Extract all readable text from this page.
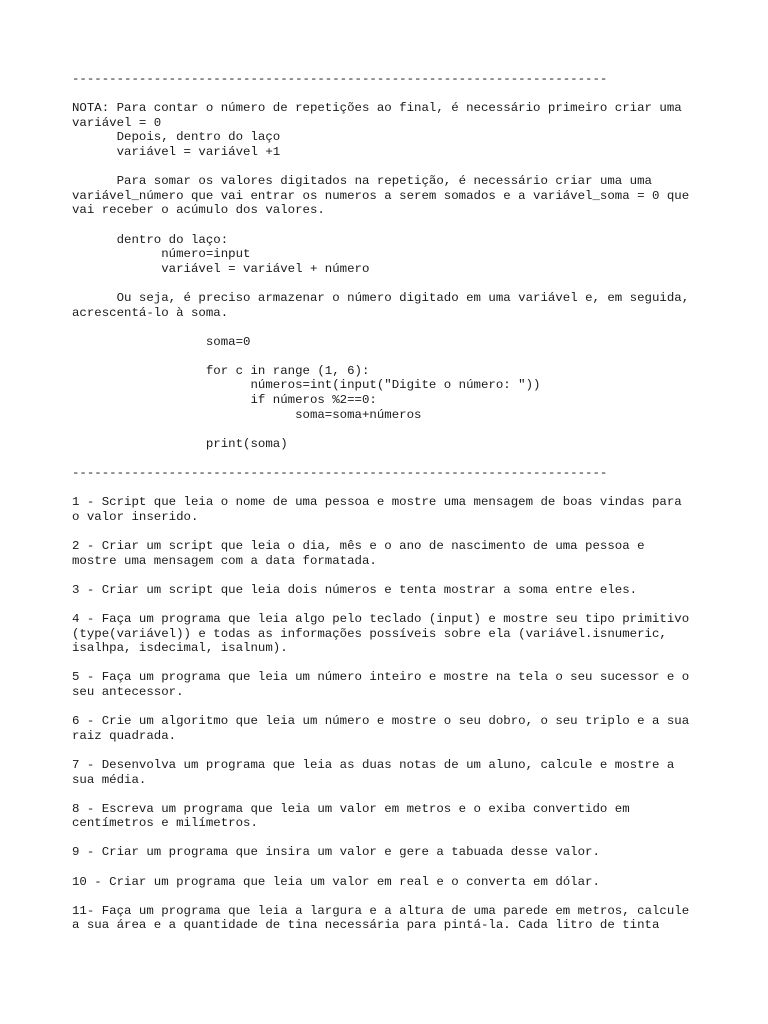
------------------------------------------------------------------------
NOTA: Para contar o número de repetições ao final, é necessário primeiro criar uma
variável = 0
Depois, dentro do laço
variável = variável +1
Para somar os valores digitados na repetição, é necessário criar uma uma
variável_número que vai entrar os numeros a serem somados e a variável_soma = 0 que
vai receber o acúmulo dos valores.
dentro do laço:
número=input
variável = variável + número
Ou seja, é preciso armazenar o número digitado em uma variável e, em seguida,
acrescentá-lo à soma.
soma=0
for c in range (1, 6):
números=int(input("Digite o número: "))
if números %2==0:
soma=soma+números
print(soma)
------------------------------------------------------------------------
1 - Script que leia o nome de uma pessoa e mostre uma mensagem de boas vindas para
o valor inserido.
2 - Criar um script que leia o dia, mês e o ano de nascimento de uma pessoa e
mostre uma mensagem com a data formatada.
3 - Criar um script que leia dois números e tenta mostrar a soma entre eles.
4 - Faça um programa que leia algo pelo teclado (input) e mostre seu tipo primitivo
(type(variável)) e todas as informações possíveis sobre ela (variável.isnumeric,
isalhpa, isdecimal, isalnum).
5 - Faça um programa que leia um número inteiro e mostre na tela o seu sucessor e o
seu antecessor.
6 - Crie um algoritmo que leia um número e mostre o seu dobro, o seu triplo e a sua
raiz quadrada.
7 - Desenvolva um programa que leia as duas notas de um aluno, calcule e mostre a
sua média.
8 - Escreva um programa que leia um valor em metros e o exiba convertido em
centímetros e milímetros.
9 - Criar um programa que insira um valor e gere a tabuada desse valor.
10 - Criar um programa que leia um valor em real e o converta em dólar.
11- Faça um programa que leia a largura e a altura de uma parede em metros, calcule
a sua área e a quantidade de tina necessária para pintá-la. Cada litro de tinta
